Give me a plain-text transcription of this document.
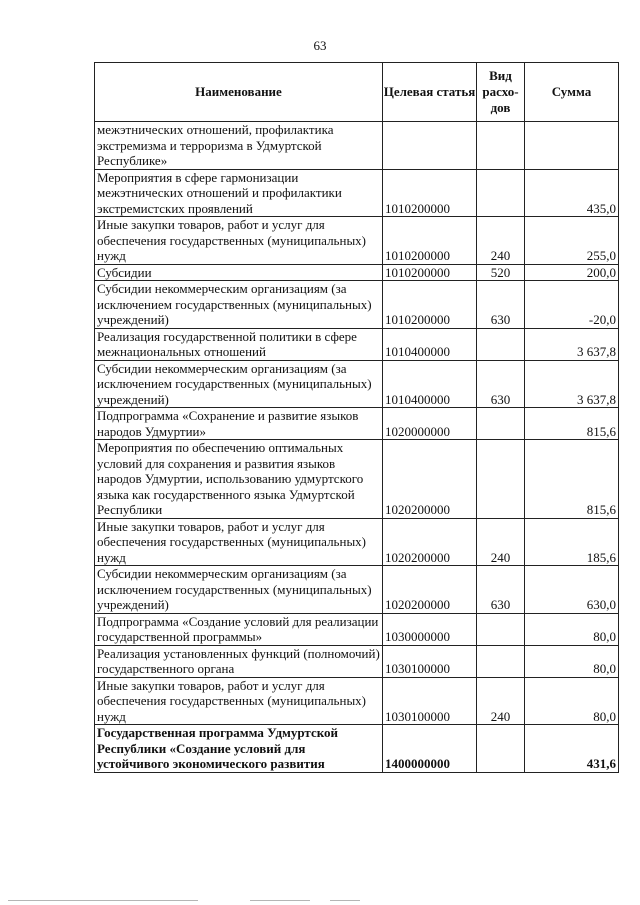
63
Наименование	Целевая статья	Вид расхо-дов	Сумма
межэтнических отношений, профилактика экстремизма и терроризма в Удмуртской Республике»			
Мероприятия в сфере гармонизации межэтнических отношений и профилактики экстремистских проявлений	1010200000		435,0
Иные закупки товаров, работ и услуг для обеспечения государственных (муниципальных) нужд	1010200000	240	255,0
Субсидии	1010200000	520	200,0
Субсидии некоммерческим организациям (за исключением государственных (муниципальных) учреждений)	1010200000	630	-20,0
Реализация государственной политики в сфере межнациональных отношений	1010400000		3 637,8
Субсидии некоммерческим организациям (за исключением государственных (муниципальных) учреждений)	1010400000	630	3 637,8
Подпрограмма «Сохранение и развитие языков народов Удмуртии»	1020000000		815,6
Мероприятия по обеспечению оптимальных условий для сохранения и развития языков народов Удмуртии, использованию удмуртского языка как государственного языка Удмуртской Республики	1020200000		815,6
Иные закупки товаров, работ и услуг для обеспечения государственных (муниципальных) нужд	1020200000	240	185,6
Субсидии некоммерческим организациям (за исключением государственных (муниципальных) учреждений)	1020200000	630	630,0
Подпрограмма «Создание условий для реализации государственной программы»	1030000000		80,0
Реализация установленных функций (полномочий) государственного органа	1030100000		80,0
Иные закупки товаров, работ и услуг для обеспечения государственных (муниципальных) нужд	1030100000	240	80,0
Государственная программа Удмуртской Республики «Создание условий для устойчивого экономического развития	1400000000		431,6
